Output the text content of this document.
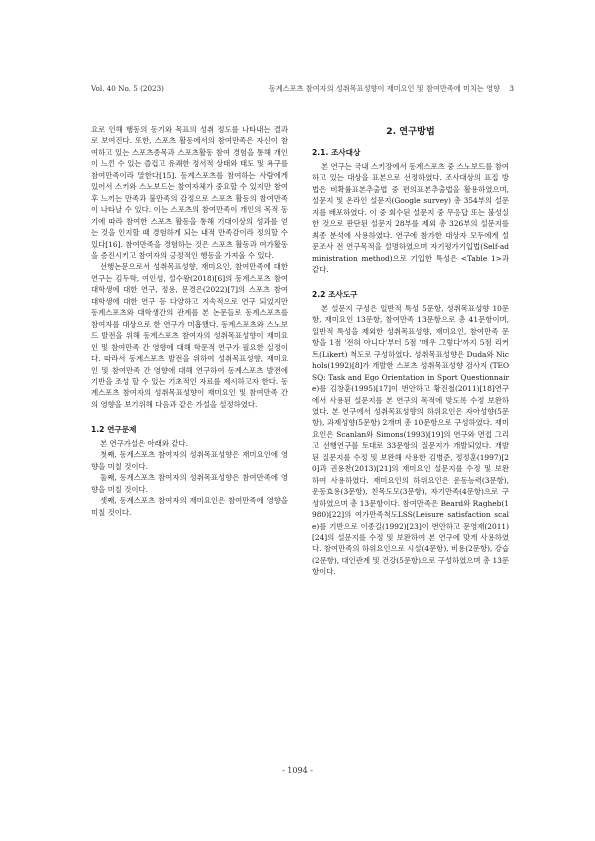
Vol. 40 No. 5 (2023)	동계스포츠 참여자의 성취목표성향이 재미요인 및 참여만족에 미치는 영향 3

요로 인해 행동의 동기와 목표의 성취 정도를 나타내는 결과로 보여진다. 또한, 스포츠 활동에서의 참여만족은 자신이 참여하고 있는 스포츠종목과 스포츠활동 참여 경험을 통해 개인이 느낀 수 있는 즐겁고 유쾌한 정서적 상태와 태도 및 욕구를 참여만족이라 말한다[15]. 동계스포츠를 참여하는 사람에게 있어서 스키와 스노보드는 참여자체가 중요할 수 있지만 참여 후 느끼는 만족과 불만족의 감정으로 스포츠 활동의 참여만족이 나타날 수 있다. 이는 스포츠의 참여만족이 개인의 목적 동기에 따라 참여한 스포츠 활동을 통해 기대이상의 성과를 얻는 것을 인지할 때 경험하게 되는 내적 만족감이라 정의할 수 있다[16]. 참여만족을 경험하는 것은 스포츠 활동과 여가활동을 증진시키고 참여자의 긍정적인 행동을 가져올 수 있다.

선행논문으로서 성취목표성향, 재미요인, 참여만족에 대한 연구는 김두학, 여인성, 설수왕(2018)[6]의 동계스포츠 참여 대학생에 대한 연구, 정용, 문경은(2022)[7]의 스포츠 참여 대학생에 대한 연구 등 다양하고 지속적으로 연구 되었지만 동계스포츠와 대학생간의 관계를 본 논문들로 동계스포츠를 참여자를 대상으로 한 연구가 미흡했다. 동계스포츠와 스노보드 발전을 위해 동계스포츠 참여자의 성취목표성향이 재미요인 및 참여만족 간 영향에 대해 학문적 연구가 필요한 실정이다. 따라서 동계스포츠 발전을 위하여 성취목표성향, 재미요인 및 참여만족 간 영향에 대해 연구하여 동계스포츠 발전에 기반을 조성 할 수 있는 기초적인 자료를 제시하고자 한다. 동계스포츠 참여자의 성취목표성향이 재미요인 및 참여만족 간의 영향을 보기위해 다음과 같은 가설을 설정하였다.

1.2 연구문제

본 연구가설은 아래와 같다.

첫째, 동계스포츠 참여자의 성취목표성향은 재미요인에 영향을 미칠 것이다.

둘째, 동계스포츠 참여자의 성취목표성향은 참여만족에 영향을 미칠 것이다.

셋째, 동계스포츠 참여자의 재미요인은 참여만족에 영향을 미칠 것이다.

2. 연구방법
2.1. 조사대상

본 연구는 국내 스키장에서 동계스포츠 중 스노보드를 참여하고 있는 대상을 표본으로 선정하였다. 조사대상의 표집 방법은 비확률표본추출법 중 편의표본추출법을 활용하였으며, 설문지 및 온라인 설문지(Google survey) 총 354부의 설문지를 배포하였다. 이 중 회수된 설문지 중 무응답 또는 불성실한 것으로 판단된 설문지 28부를 제외 총 326부의 설문지를 최종 분석에 사용하였다. 연구에 참가한 대상자 모두에게 설문조사 전 연구목적을 설명하였으며 자기평가기입법(Self-administration method)으로 기입한 특성은 <Table 1>과 같다.

2.2 조사도구

본 설문지 구성은 일반적 특성 5문항, 성취목표성향 10문항, 재미요인 13문항, 참여만족 13문항으로 총 41문항이며, 일반적 특성을 제외한 성취목표성향, 재미요인, 참여만족 문항을 1점 '전혀 아니다'부터 5점 '매우 그렇다'까지 5점 리커트(Likert) 척도로 구성하였다. 성취목표성향은 Duda와 Nichols(1992)[8]가 개발한 스포츠 성취목표성향 검사지 (TEOSQ: Task and Ego Orientation in Sport Questionnaire)를 김창훈(1995)[17]이 번안하고 황진철(2011)[18]연구에서 사용된 설문지를 본 연구의 목적에 맞도록 수정 보완하였다. 본 연구에서 성취목표성향의 하위요인은 자아성향(5문항), 과제성향(5문항) 2개며 총 10문항으로 구성하였다. 재미요인은 Scanlan와 Simons(1993)[19]의 연구와 면접 그리고 선행연구를 토대로 33문항의 질문지가 개발되었다. 개발된 질문지를 수정 및 보완해 사용한 김병준, 정정훈(1997)[20]과 권용찬(2013)[21]의 재미요인 설문지를 수정 및 보완하여 사용하였다. 재미요인의 하위요인은 운동능력(3문항), 운동효용(3문항), 친목도모(3문항), 자기만족(4문항)으로 구성하였으며 총 13문항이다. 참여만족은 Beard와 Ragheb(1980)[22]의 여가만족척도LSS(Leisure satisfaction scale)를 기반으로 이종길(1992)[23]이 번안하고 문영재(2011)[24]의 설문지를 수정 및 보완하여 본 연구에 맞게 사용하였다. 참여만족의 하위요인으로 시설(4문항), 비용(2문항), 강습(2문항), 대인관계 및 건강(5문항)으로 구성하였으며 총 13문항이다.

- 1094 -
